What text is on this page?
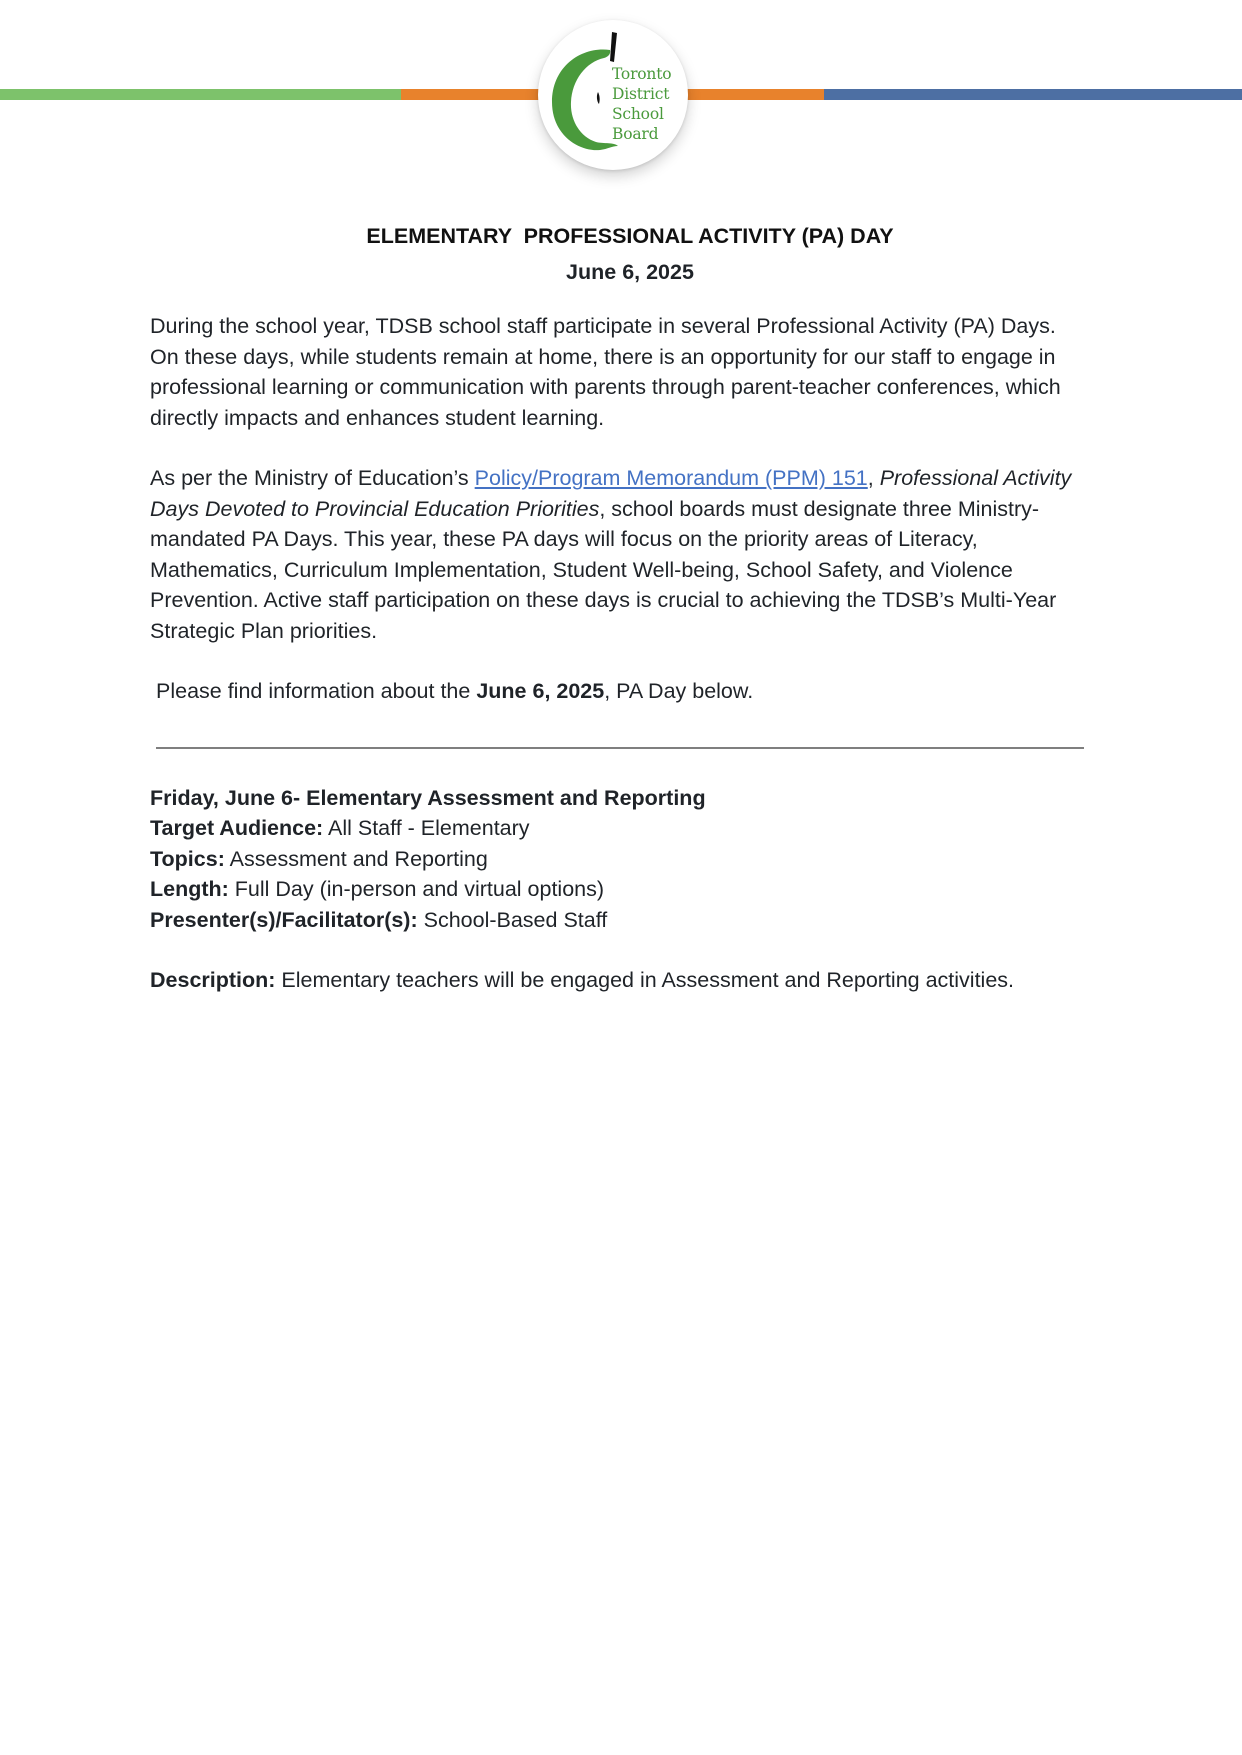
Toronto
District
School
Board
ELEMENTARY  PROFESSIONAL ACTIVITY (PA) DAY
June 6, 2025

During the school year, TDSB school staff participate in several Professional Activity (PA) Days. On these days, while students remain at home, there is an opportunity for our staff to engage in professional learning or communication with parents through parent-teacher conferences, which directly impacts and enhances student learning.

As per the Ministry of Education’s Policy/Program Memorandum (PPM) 151, Professional Activity Days Devoted to Provincial Education Priorities, school boards must designate three Ministry-mandated PA Days. This year, these PA days will focus on the priority areas of Literacy, Mathematics, Curriculum Implementation, Student Well-being, School Safety, and Violence Prevention. Active staff participation on these days is crucial to achieving the TDSB’s Multi-Year Strategic Plan priorities.

Please find information about the June 6, 2025, PA Day below.

Friday, June 6- Elementary Assessment and Reporting
Target Audience: All Staff - Elementary
Topics: Assessment and Reporting
Length: Full Day (in-person and virtual options)
Presenter(s)/Facilitator(s): School-Based Staff
Description: Elementary teachers will be engaged in Assessment and Reporting activities.
